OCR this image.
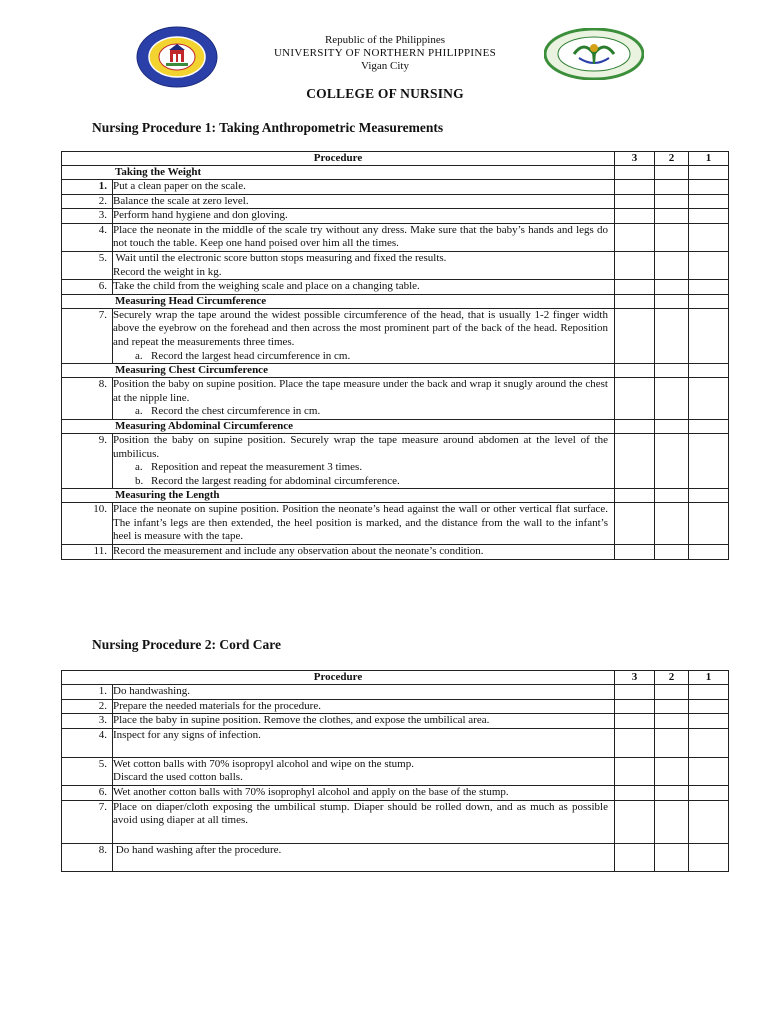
Republic of the Philippines
UNIVERSITY OF NORTHERN PHILIPPINES
Vigan City
COLLEGE OF NURSING
Nursing Procedure 1: Taking Anthropometric Measurements
Procedure		3	2	1
Taking the Weight				
1.	Put a clean paper on the scale.			
2.	Balance the scale at zero level.			
3.	Perform hand hygiene and don gloving.			
4.	Place the neonate in the middle of the scale try without any dress. Make sure that the baby’s hands and legs do not touch the table. Keep one hand poised over him all the times.			
5.	Wait until the electronic score button stops measuring and fixed the results.
Record the weight in kg.			

6.	Take the child from the weighing scale and place on a changing table.			
Measuring Head Circumference				
7.	Securely wrap the tape around the widest possible circumference of the head, that is usually 1-2 finger width above the eyebrow on the forehead and then across the most prominent part of the back of the head. Reposition and repeat the measurements three times.
a. Record the largest head circumference in cm.			

Measuring Chest Circumference				
8.	Position the baby on supine position. Place the tape measure under the back and wrap it snugly around the chest at the nipple line.
a. Record the chest circumference in cm.			

Measuring Abdominal Circumference				
9.	Position the baby on supine position. Securely wrap the tape measure around abdomen at the level of the umbilicus.
a. Reposition and repeat the measurement 3 times.
b. Record the largest reading for abdominal circumference.			

Measuring the Length				
10.	Place the neonate on supine position. Position the neonate’s head against the wall or other vertical flat surface. The infant’s legs are then extended, the heel position is marked, and the distance from the wall to the infant’s heel is measure with the tape.			
11.	Record the measurement and include any observation about the neonate’s condition.			
Nursing Procedure 2: Cord Care
Procedure		3	2	1
1.	Do handwashing.			
2.	Prepare the needed materials for the procedure.			
3.	Place the baby in supine position. Remove the clothes, and expose the umbilical area.			
4.	Inspect for any signs of infection.			
5.	Wet cotton balls with 70% isopropyl alcohol and wipe on the stump.
Discard the used cotton balls.			

6.	Wet another cotton balls with 70% isoprophyl alcohol and apply on the base of the stump.			
7.	Place on diaper/cloth exposing the umbilical stump. Diaper should be rolled down, and as much as possible avoid using diaper at all times.			
8.	Do hand washing after the procedure.			
